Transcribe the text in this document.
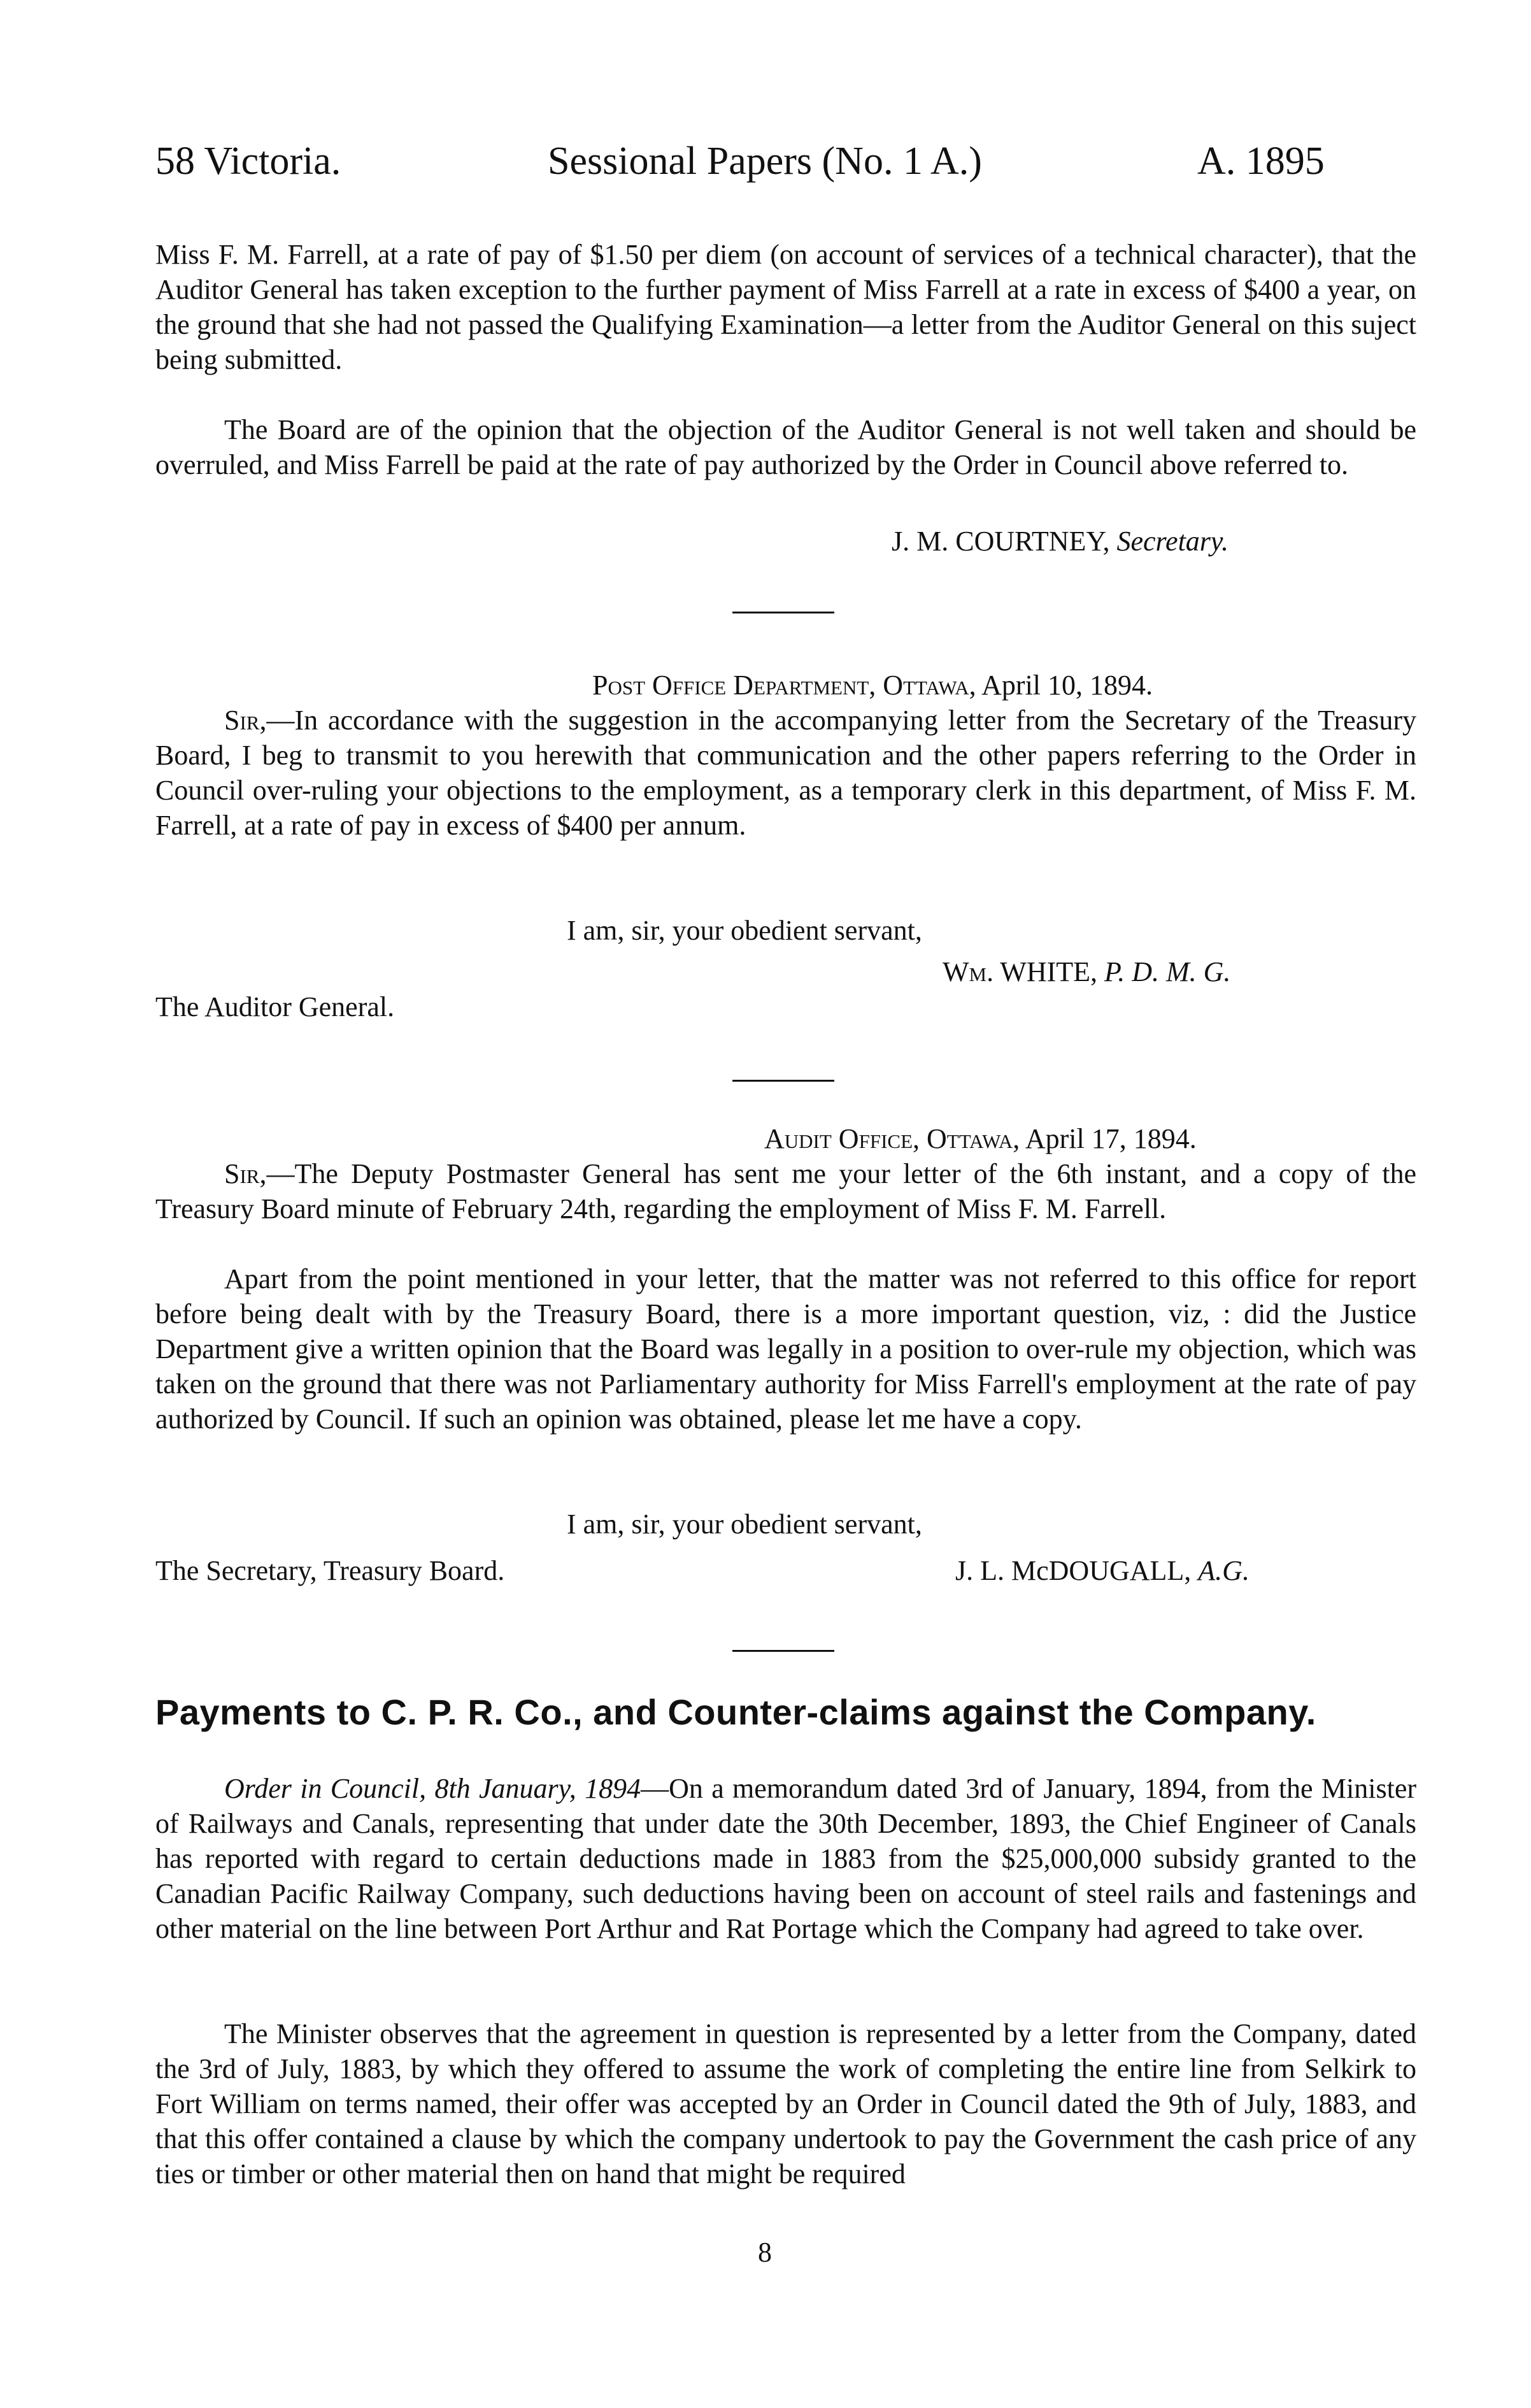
58 Victoria.	Sessional Papers (No. 1 A.)	A. 1895
Miss F. M. Farrell, at a rate of pay of $1.50 per diem (on account of services of a technical character), that the Auditor General has taken exception to the further payment of Miss Farrell at a rate in excess of $400 a year, on the ground that she had not passed the Qualifying Examination—a letter from the Auditor General on this suject being submitted.
The Board are of the opinion that the objection of the Auditor General is not well taken and should be overruled, and Miss Farrell be paid at the rate of pay authorized by the Order in Council above referred to.
J. M. COURTNEY, Secretary.
Post Office Department, Ottawa, April 10, 1894.
Sir,—In accordance with the suggestion in the accompanying letter from the Secretary of the Treasury Board, I beg to transmit to you herewith that communication and the other papers referring to the Order in Council over-ruling your objections to the employment, as a temporary clerk in this department, of Miss F. M. Farrell, at a rate of pay in excess of $400 per annum.
I am, sir, your obedient servant,
Wm. WHITE, P. D. M. G.
The Auditor General.
Audit Office, Ottawa, April 17, 1894.
Sir,—The Deputy Postmaster General has sent me your letter of the 6th instant, and a copy of the Treasury Board minute of February 24th, regarding the employment of Miss F. M. Farrell.
Apart from the point mentioned in your letter, that the matter was not referred to this office for report before being dealt with by the Treasury Board, there is a more important question, viz, : did the Justice Department give a written opinion that the Board was legally in a position to over-rule my objection, which was taken on the ground that there was not Parliamentary authority for Miss Farrell's employment at the rate of pay authorized by Council. If such an opinion was obtained, please let me have a copy.
I am, sir, your obedient servant,
The Secretary, Treasury Board.	J. L. McDOUGALL, A.G.
Payments to C. P. R. Co., and Counter-claims against the Company.
Order in Council, 8th January, 1894—On a memorandum dated 3rd of January, 1894, from the Minister of Railways and Canals, representing that under date the 30th December, 1893, the Chief Engineer of Canals has reported with regard to certain deductions made in 1883 from the $25,000,000 subsidy granted to the Canadian Pacific Railway Company, such deductions having been on account of steel rails and fastenings and other material on the line between Port Arthur and Rat Portage which the Company had agreed to take over.
The Minister observes that the agreement in question is represented by a letter from the Company, dated the 3rd of July, 1883, by which they offered to assume the work of completing the entire line from Selkirk to Fort William on terms named, their offer was accepted by an Order in Council dated the 9th of July, 1883, and that this offer contained a clause by which the company undertook to pay the Government the cash price of any ties or timber or other material then on hand that might be required
8
